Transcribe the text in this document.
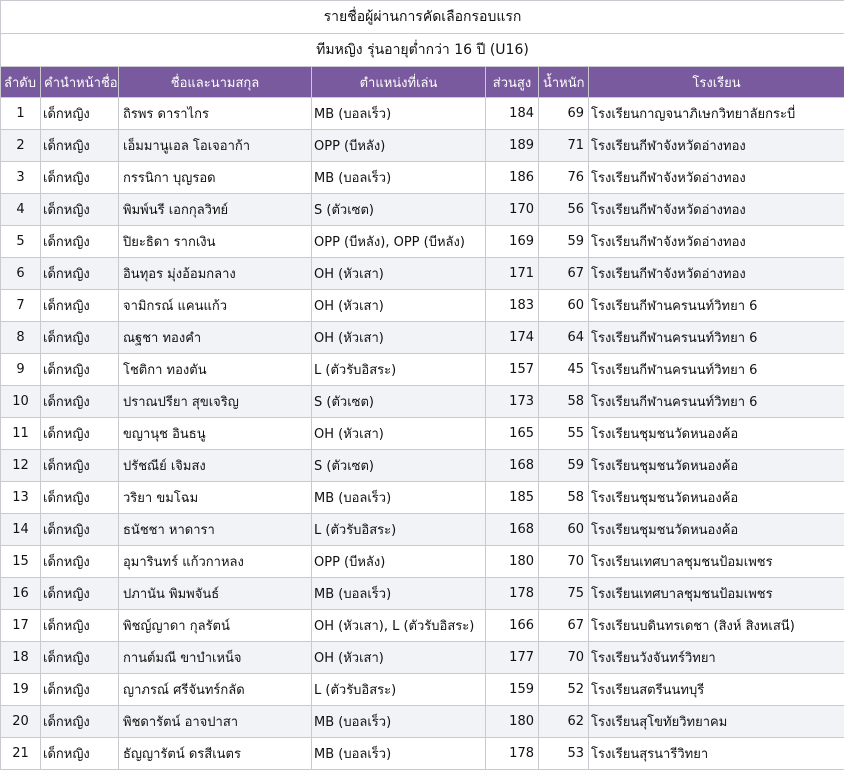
รายชื่อผู้ผ่านการคัดเลือกรอบแรก						
ทีมหญิง รุ่นอายุต่ำกว่า 16 ปี (U16)						
ลำดับ	คำนำหน้าชื่อ	ชื่อและนามสกุล	ตำแหน่งที่เล่น	ส่วนสูง	น้ำหนัก	โรงเรียน
1	เด็กหญิง	ถิรพร ดาราไกร	MB (บอลเร็ว)	184	69	โรงเรียนกาญจนาภิเษกวิทยาลัยกระบี่
2	เด็กหญิง	เอ็มมานูเอล โอเจอาก้า	OPP (บีหลัง)	189	71	โรงเรียนกีฬาจังหวัดอ่างทอง
3	เด็กหญิง	กรรนิกา บุญรอด	MB (บอลเร็ว)	186	76	โรงเรียนกีฬาจังหวัดอ่างทอง
4	เด็กหญิง	พิมพ์นรี เอกกุลวิทย์	S (ตัวเซต)	170	56	โรงเรียนกีฬาจังหวัดอ่างทอง
5	เด็กหญิง	ปิยะธิดา รากเงิน	OPP (บีหลัง), OPP (บีหลัง)	169	59	โรงเรียนกีฬาจังหวัดอ่างทอง
6	เด็กหญิง	อินทุอร มุ่งอ้อมกลาง	OH (หัวเสา)	171	67	โรงเรียนกีฬาจังหวัดอ่างทอง
7	เด็กหญิง	จามิกรณ์ แคนแก้ว	OH (หัวเสา)	183	60	โรงเรียนกีฬานครนนท์วิทยา 6
8	เด็กหญิง	ณฐชา ทองคำ	OH (หัวเสา)	174	64	โรงเรียนกีฬานครนนท์วิทยา 6
9	เด็กหญิง	โชติกา ทองตัน	L (ตัวรับอิสระ)	157	45	โรงเรียนกีฬานครนนท์วิทยา 6
10	เด็กหญิง	ปราณปรียา สุขเจริญ	S (ตัวเซต)	173	58	โรงเรียนกีฬานครนนท์วิทยา 6
11	เด็กหญิง	ขญานุช อินธนู	OH (หัวเสา)	165	55	โรงเรียนชุมชนวัดหนองค้อ
12	เด็กหญิง	ปรัชณีย์ เจิมสง	S (ตัวเซต)	168	59	โรงเรียนชุมชนวัดหนองค้อ
13	เด็กหญิง	วริยา ขมโฉม	MB (บอลเร็ว)	185	58	โรงเรียนชุมชนวัดหนองค้อ
14	เด็กหญิง	ธนัชชา หาดารา	L (ตัวรับอิสระ)	168	60	โรงเรียนชุมชนวัดหนองค้อ
15	เด็กหญิง	อุมารินทร์ แก้วกาหลง	OPP (บีหลัง)	180	70	โรงเรียนเทศบาลชุมชนป้อมเพชร
16	เด็กหญิง	ปภานัน พิมพจันธ์	MB (บอลเร็ว)	178	75	โรงเรียนเทศบาลชุมชนป้อมเพชร
17	เด็กหญิง	พิชญ์ญาดา กุลรัตน์	OH (หัวเสา), L (ตัวรับอิสระ)	166	67	โรงเรียนบดินทรเดชา (สิงห์ สิงหเสนี)
18	เด็กหญิง	กานต์มณี ขาบำเหน็จ	OH (หัวเสา)	177	70	โรงเรียนวังจันทร์วิทยา
19	เด็กหญิง	ญาภรณ์ ศรีจันทร์กลัด	L (ตัวรับอิสระ)	159	52	โรงเรียนสตรีนนทบุรี
20	เด็กหญิง	พิชดารัตน์ อาจปาสา	MB (บอลเร็ว)	180	62	โรงเรียนสุโขทัยวิทยาคม
21	เด็กหญิง	ธัญญารัตน์ ดรสีเนตร	MB (บอลเร็ว)	178	53	โรงเรียนสุรนารีวิทยา
